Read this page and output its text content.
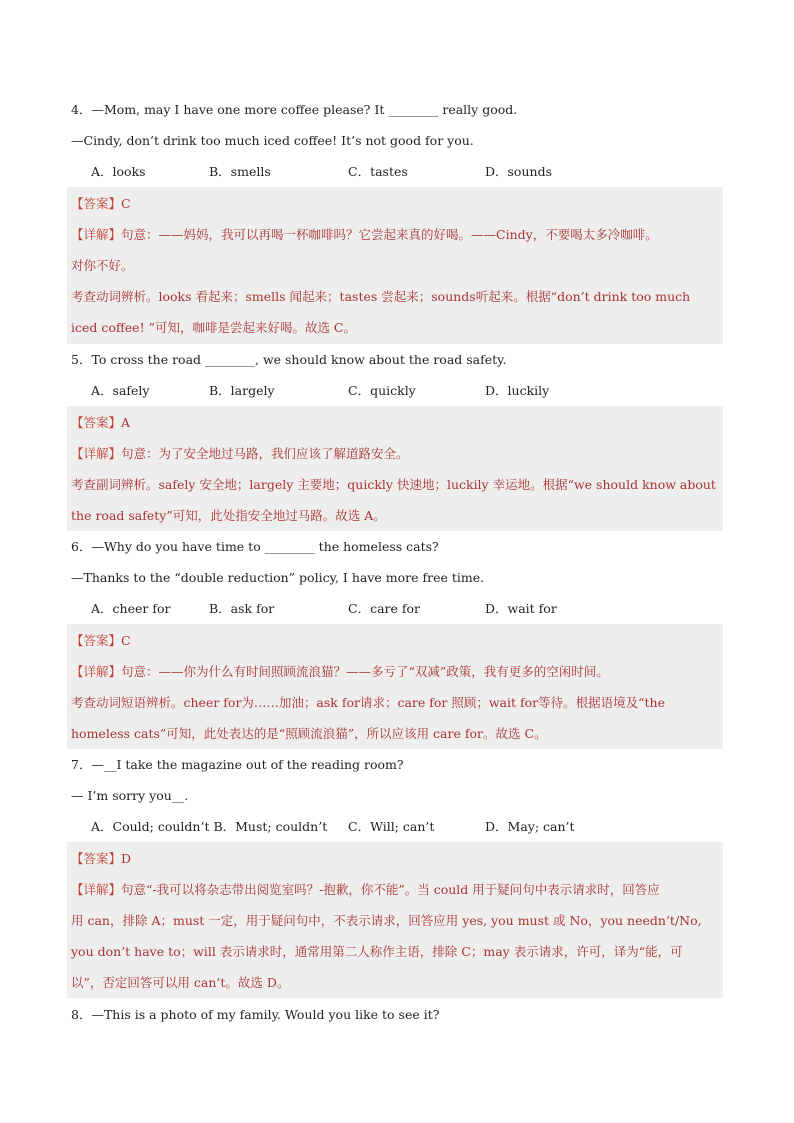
4．—Mom, may I have one more coffee please? It ________ really good.
—Cindy, don’t drink too much iced coffee! It’s not good for you.
A．looks	B．smells	C．tastes	D．sounds
【答案】C
【详解】句意：——妈妈，我可以再喝一杯咖啡吗？它尝起来真的好喝。——Cindy，不要喝太多冷咖啡。
对你不好。
考查动词辨析。looks 看起来；smells 闻起来；tastes 尝起来；sounds听起来。根据“don’t drink too much
iced coffee! ”可知，咖啡是尝起来好喝。故选 C。
5．To cross the road ________, we should know about the road safety.
A．safely	B．largely	C．quickly	D．luckily
【答案】A
【详解】句意：为了安全地过马路，我们应该了解道路安全。
考查副词辨析。safely 安全地；largely 主要地；quickly 快速地；luckily 幸运地。根据“we should know about
the road safety”可知，此处指安全地过马路。故选 A。
6．—Why do you have time to ________ the homeless cats?
—Thanks to the “double reduction” policy, I have more free time.
A．cheer for	B．ask for	C．care for	D．wait for
【答案】C
【详解】句意：——你为什么有时间照顾流浪猫？——多亏了“双减”政策，我有更多的空闲时间。
考查动词短语辨析。cheer for为……加油；ask for请求；care for 照顾；wait for等待。根据语境及“the
homeless cats”可知，此处表达的是“照顾流浪猫”，所以应该用 care for。故选 C。
7．—__I take the magazine out of the reading room?
— I’m sorry you__.
A．Could; couldn’t B．Must; couldn’t C．Will; can’t	D．May; can’t
【答案】D
【详解】句意“-我可以将杂志带出阅览室吗？-抱歉，你不能”。当 could 用于疑问句中表示请求时，回答应
用 can，排除 A；must 一定，用于疑问句中，不表示请求，回答应用 yes, you must 或 No，you needn’t/No,
you don’t have to；will 表示请求时，通常用第二人称作主语，排除 C；may 表示请求，许可，译为“能，可
以”，否定回答可以用 can’t。故选 D。
8．—This is a photo of my family. Would you like to see it?
